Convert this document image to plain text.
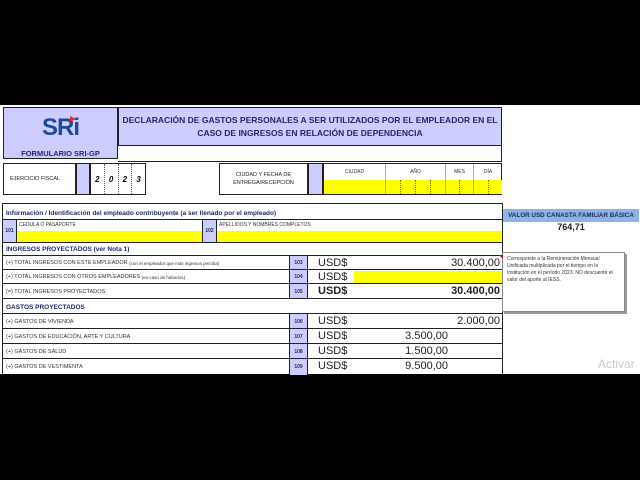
SRi
FORMULARIO SRI-GP
DECLARACIÓN DE GASTOS PERSONALES A SER UTILIZADOS POR EL EMPLEADOR EN EL
CASO DE INGRESOS EN RELACIÓN DE DEPENDENCIA
EJERCICIO FISCAL	2	0	2	3	CIUDAD Y FECHA DE
ENTREGA/RECEPCIÓN
CIUDAD	AÑO	MES	DÍA
Información / Identificación del empleado contribuyente (a ser llenado por el empleado)
101
CEDULA O PASAPORTE
102
APELLIDOS Y NOMBRES COMPLETOS
INGRESOS PROYECTADOS (ver Nota 1)
(+) TOTAL INGRESOS CON ESTE EMPLEADOR
(con el empleador que más ingresos perciba)	103	USD$	30.400,00
(+) TOTAL INGRESOS CON OTROS EMPLEADORES
(en caso de haberlos)	104	USD$
(=) TOTAL INGRESOS PROYECTADOS	105	USD$	30.400,00
GASTOS PROYECTADOS
(+) GASTOS DE VIVIENDA	106	USD$	2.000,00
(+) GASTOS DE EDUCACIÓN, ARTE Y CULTURA	107	USD$	3.500,00
(+) GASTOS DE SALUD	108	USD$	1.500,00
(+) GASTOS DE VESTIMENTA	109	USD$	9.500,00
VALOR USD CANASTA FAMILIAR BÁSICA
764,71
Corresponde a la Remuneración Mensual Unificada multiplicada por el tiempo en la Institución en el período 2023. NO descuente el valor del aporte al IESS.
Activar
